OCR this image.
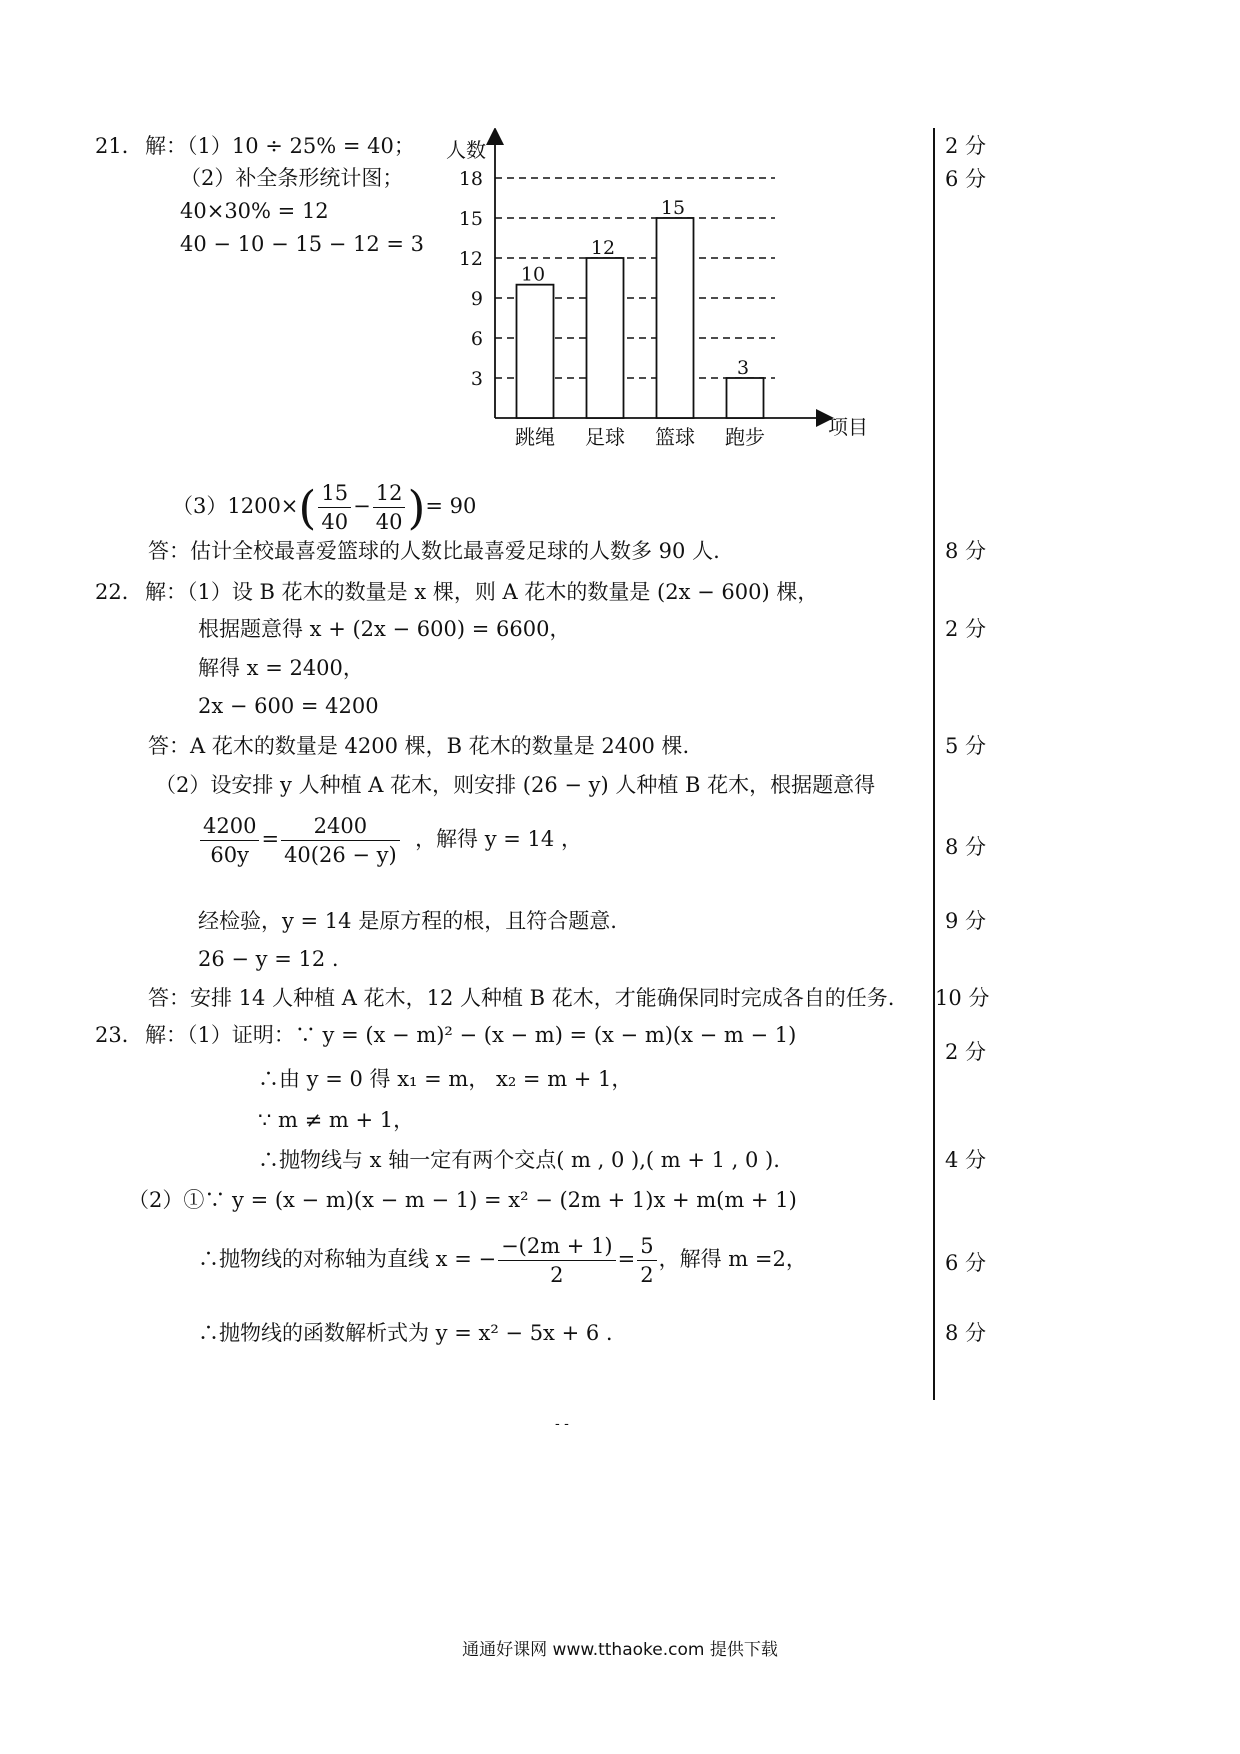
21． 解：（1）10 ÷ 25% = 40；
（2）补全条形统计图；
40×30% = 12
40 − 10 − 15 − 12 = 3
人数
项目
3
6
9
12
15
18
10
12
15
3
跳绳 足球 篮球 跑步
$(3)1200\times( \frac{15}{40} - \frac{12}{40}$ )= 90
答：估计全校最喜爱篮球的人数比最喜爱足球的人数多 90 人.
22． 解：（1）设 B 花木的数量是 x 棵，则 A 花木的数量是 (2x − 600) 棵，
根据题意得 x + (2x − 600) = 6600，
解得 x = 2400，
2x − 600 = 4200
答：A 花木的数量是 4200 棵，B 花木的数量是 2400 棵.
（2）设安排 y 人种植 A 花木，则安排 (26 − y) 人种植 B 花木，根据题意得
$\frac{4200}{60y} = \frac{2400}{40(26 - y)}$ ，解得 y = 14 ，
经检验，y = 14 是原方程的根，且符合题意.
26 − y = 12 .
答：安排 14 人种植 A 花木，12 人种植 B 花木，才能确保同时完成各自的任务.
23． 解：（1）证明：∵ y = (x − m)² − (x − m) = (x − m)(x − m − 1)
∴由 y = 0 得 x₁ = m， x₂ = m + 1，
∵ m ≠ m + 1，
∴抛物线与 x 轴一定有两个交点( m , 0 ),( m + 1 , 0 ).
（2）①∵ y = (x − m)(x − m − 1) = x² − (2m + 1)x + m(m + 1)
∴抛物线的对称轴为直线 x = − $\frac{-(2m + 1)}{2} = \frac{5}{2}$ ，解得 m =2，
∴抛物线的函数解析式为 y = x² − 5x + 6 .
2 分
6 分
8 分
2 分
5 分
8 分
9 分
10 分
2 分
4 分
6 分
8 分
- -
通通好课网 www.tthaoke.com 提供下载
